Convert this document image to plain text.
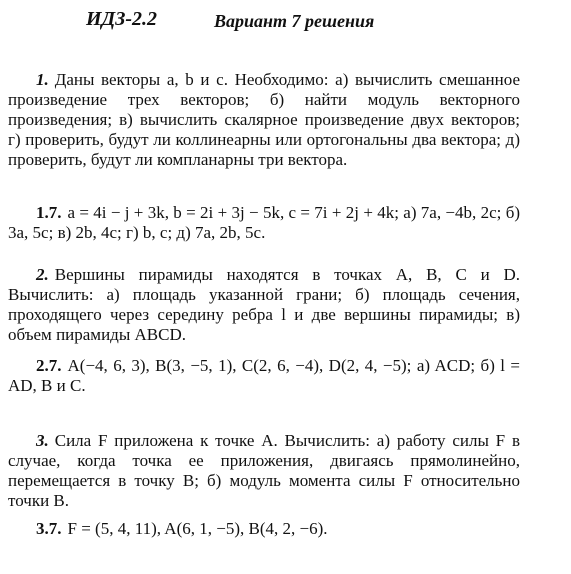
ИДЗ-2.2	Вариант 7 решения

1. Даны векторы a, b и c. Необходимо: а) вычислить смешанное произведение трех векторов; б) найти модуль векторного произведения; в) вычислить скалярное произведение двух векторов; г) проверить, будут ли коллинеарны или ортогональны два вектора; д) проверить, будут ли компланарны три вектора.

1.7. a = 4i − j + 3k, b = 2i + 3j − 5k, c = 7i + 2j + 4k; а) 7a, −4b, 2c; б) 3a, 5c; в) 2b, 4c; г) b, c; д) 7a, 2b, 5c.

2. Вершины пирамиды находятся в точках A, B, C и D. Вычислить: а) площадь указанной грани; б) площадь сечения, проходящего через середину ребра l и две вершины пирамиды; в) объем пирамиды ABCD.

2.7. A(−4, 6, 3), B(3, −5, 1), C(2, 6, −4), D(2, 4, −5); а) ACD; б) l = AD, B и C.

3. Сила F приложена к точке A. Вычислить: а) работу силы F в случае, когда точка ее приложения, двигаясь прямолинейно, перемещается в точку B; б) модуль момента силы F относительно точки B.

3.7. F = (5, 4, 11), A(6, 1, −5), B(4, 2, −6).
